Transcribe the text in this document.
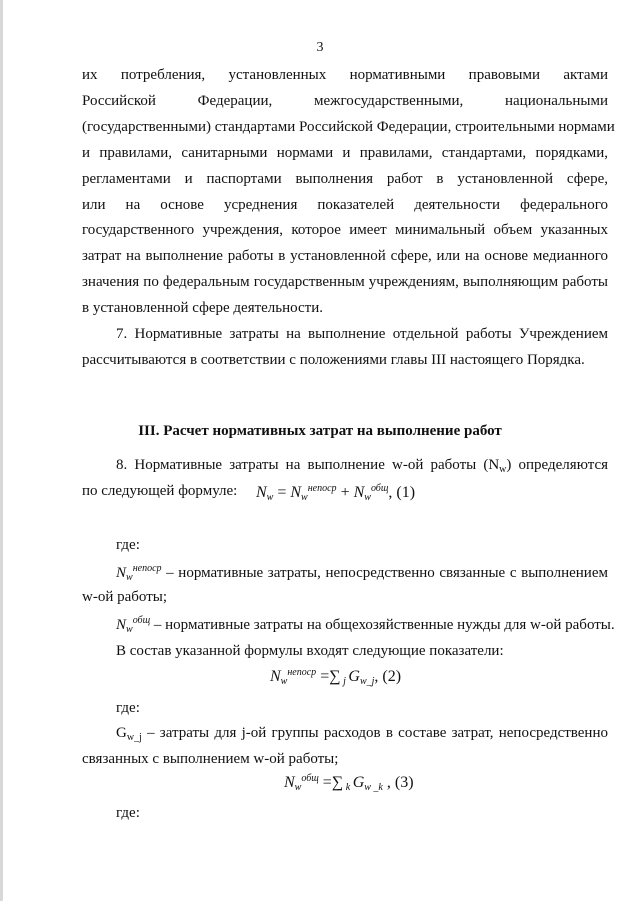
3
их потребления, установленных нормативными правовыми актами
Российской Федерации, межгосударственными, национальными
(государственными) стандартами Российской Федерации, строительными нормами
и правилами, санитарными нормами и правилами, стандартами, порядками,
регламентами и паспортами выполнения работ в установленной сфере,
или на основе усреднения показателей деятельности федерального
государственного учреждения, которое имеет минимальный объем указанных
затрат на выполнение работы в установленной сфере, или на основе медианного
значения по федеральным государственным учреждениям, выполняющим работы
в установленной сфере деятельности.
7. Нормативные затраты на выполнение отдельной работы Учреждением
рассчитываются в соответствии с положениями главы III настоящего Порядка.
III. Расчет нормативных затрат на выполнение работ
8. Нормативные затраты на выполнение w-ой работы $(N_w)$ определяются
по следующей формуле: $N_w = N_w^{непоср} + N_w^{общ}$, (1)
где:
$N_w^{непоср}$ – нормативные затраты, непосредственно связанные с выполнением
w-ой работы;
$N_w^{общ}$ – нормативные затраты на общехозяйственные нужды для w-ой работы.
В состав указанной формулы входят следующие показатели:
$N_w^{непоср}$ =∑ $_j$ $G_{w\_j}$, (2)
где:
$G_{w\_j}$ – затраты для j-ой группы расходов в составе затрат, непосредственно
связанных с выполнением w-ой работы;
$N_w^{общ}$ =∑ $_k$ $G_{w \_k}$ , (3)
где:
